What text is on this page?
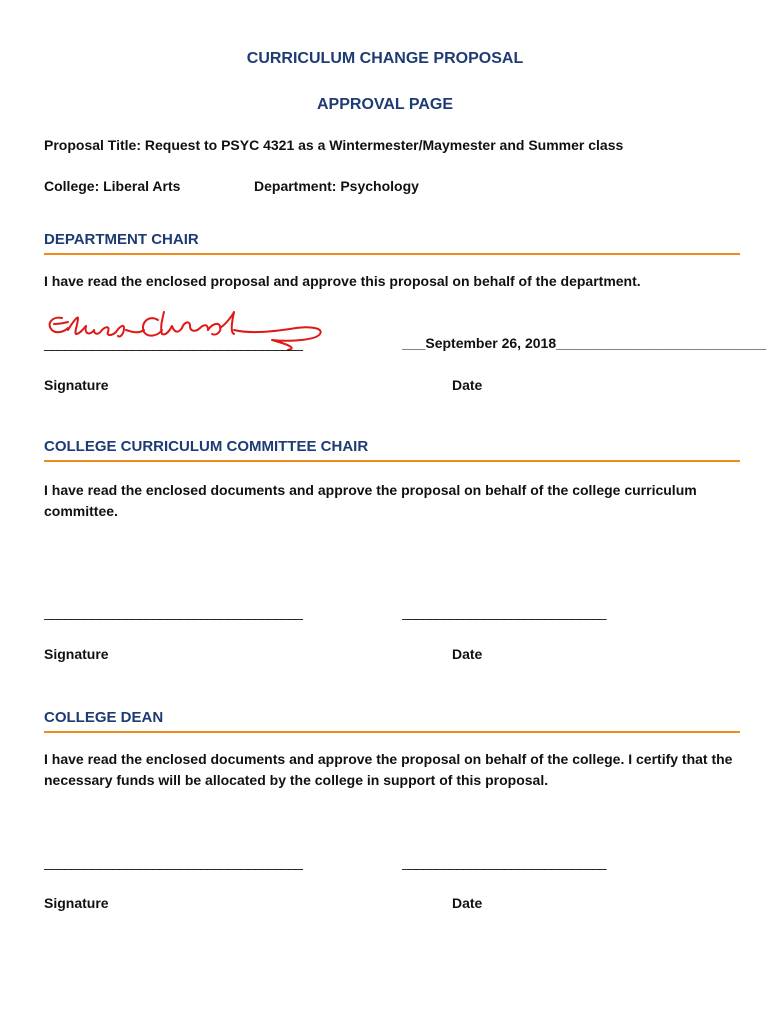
CURRICULUM CHANGE PROPOSAL
APPROVAL PAGE

Proposal Title: Request to PSYC 4321 as a Wintermester/Maymester and Summer class

College: Liberal Arts	Department: Psychology

DEPARTMENT CHAIR

I have read the enclosed proposal and approve this proposal on behalf of the department.

______________________________________	___September 26, 2018___________________________

Signature	Date

COLLEGE CURRICULUM COMMITTEE CHAIR

I have read the enclosed documents and approve the proposal on behalf of the college curriculum committee.

______________________________________	______________________________

Signature	Date

COLLEGE DEAN

I have read the enclosed documents and approve the proposal on behalf of the college. I certify that the necessary funds will be allocated by the college in support of this proposal.

______________________________________	______________________________

Signature	Date
